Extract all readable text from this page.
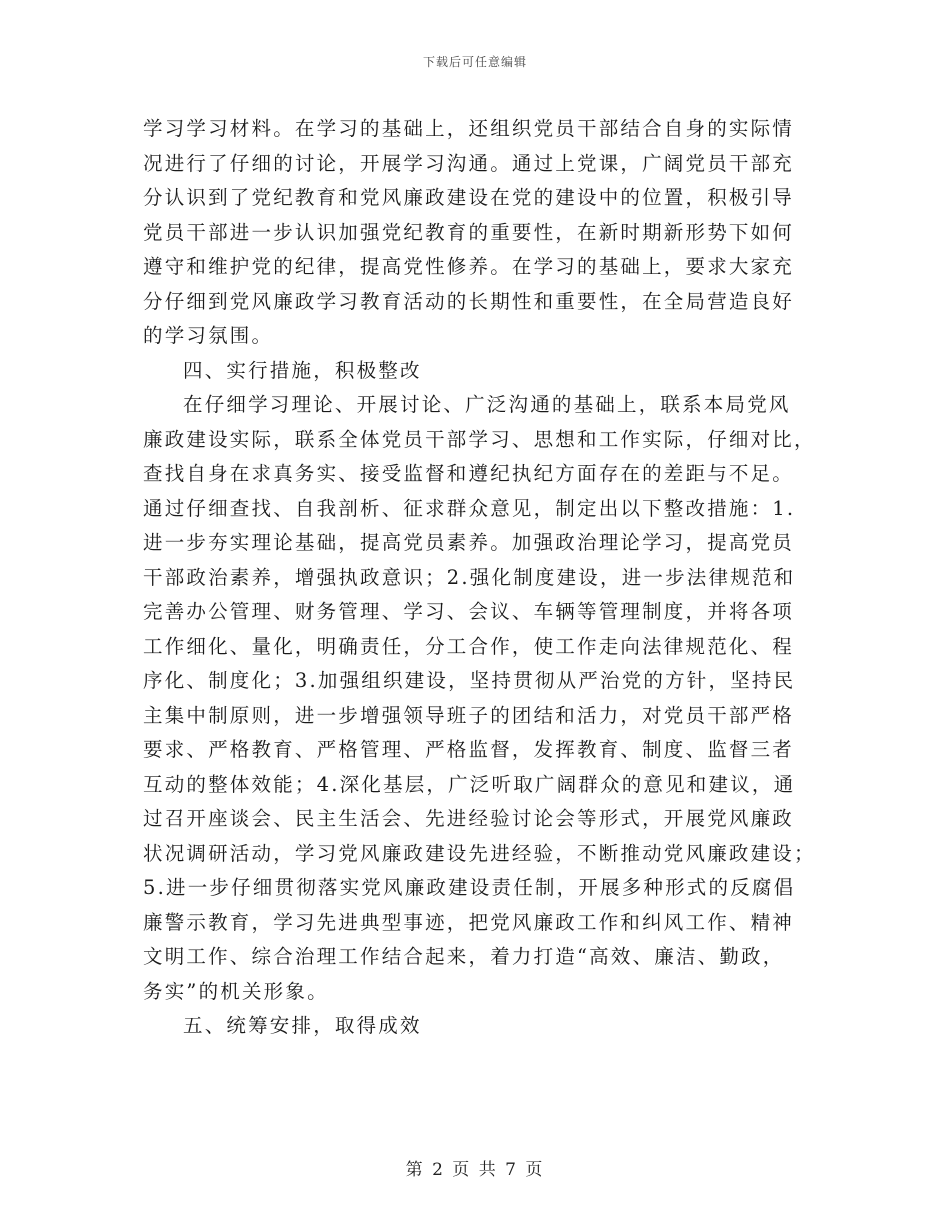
下载后可任意编辑
学习学习材料。在学习的基础上，还组织党员干部结合自身的实际情
况进行了仔细的讨论，开展学习沟通。通过上党课，广阔党员干部充
分认识到了党纪教育和党风廉政建设在党的建设中的位置，积极引导
党员干部进一步认识加强党纪教育的重要性，在新时期新形势下如何
遵守和维护党的纪律，提高党性修养。在学习的基础上，要求大家充
分仔细到党风廉政学习教育活动的长期性和重要性，在全局营造良好
的学习氛围。
四、实行措施，积极整改
在仔细学习理论、开展讨论、广泛沟通的基础上，联系本局党风
廉政建设实际，联系全体党员干部学习、思想和工作实际，仔细对比，
查找自身在求真务实、接受监督和遵纪执纪方面存在的差距与不足。
通过仔细查找、自我剖析、征求群众意见，制定出以下整改措施：1.
进一步夯实理论基础，提高党员素养。加强政治理论学习，提高党员
干部政治素养，增强执政意识；2.强化制度建设，进一步法律规范和
完善办公管理、财务管理、学习、会议、车辆等管理制度，并将各项
工作细化、量化，明确责任，分工合作，使工作走向法律规范化、程
序化、制度化；3.加强组织建设，坚持贯彻从严治党的方针，坚持民
主集中制原则，进一步增强领导班子的团结和活力，对党员干部严格
要求、严格教育、严格管理、严格监督，发挥教育、制度、监督三者
互动的整体效能；4.深化基层，广泛听取广阔群众的意见和建议，通
过召开座谈会、民主生活会、先进经验讨论会等形式，开展党风廉政
状况调研活动，学习党风廉政建设先进经验，不断推动党风廉政建设；
5.进一步仔细贯彻落实党风廉政建设责任制，开展多种形式的反腐倡
廉警示教育，学习先进典型事迹，把党风廉政工作和纠风工作、精神
文明工作、综合治理工作结合起来，着力打造“高效、廉洁、勤政，
务实”的机关形象。
五、统筹安排，取得成效
第 2 页 共 7 页
